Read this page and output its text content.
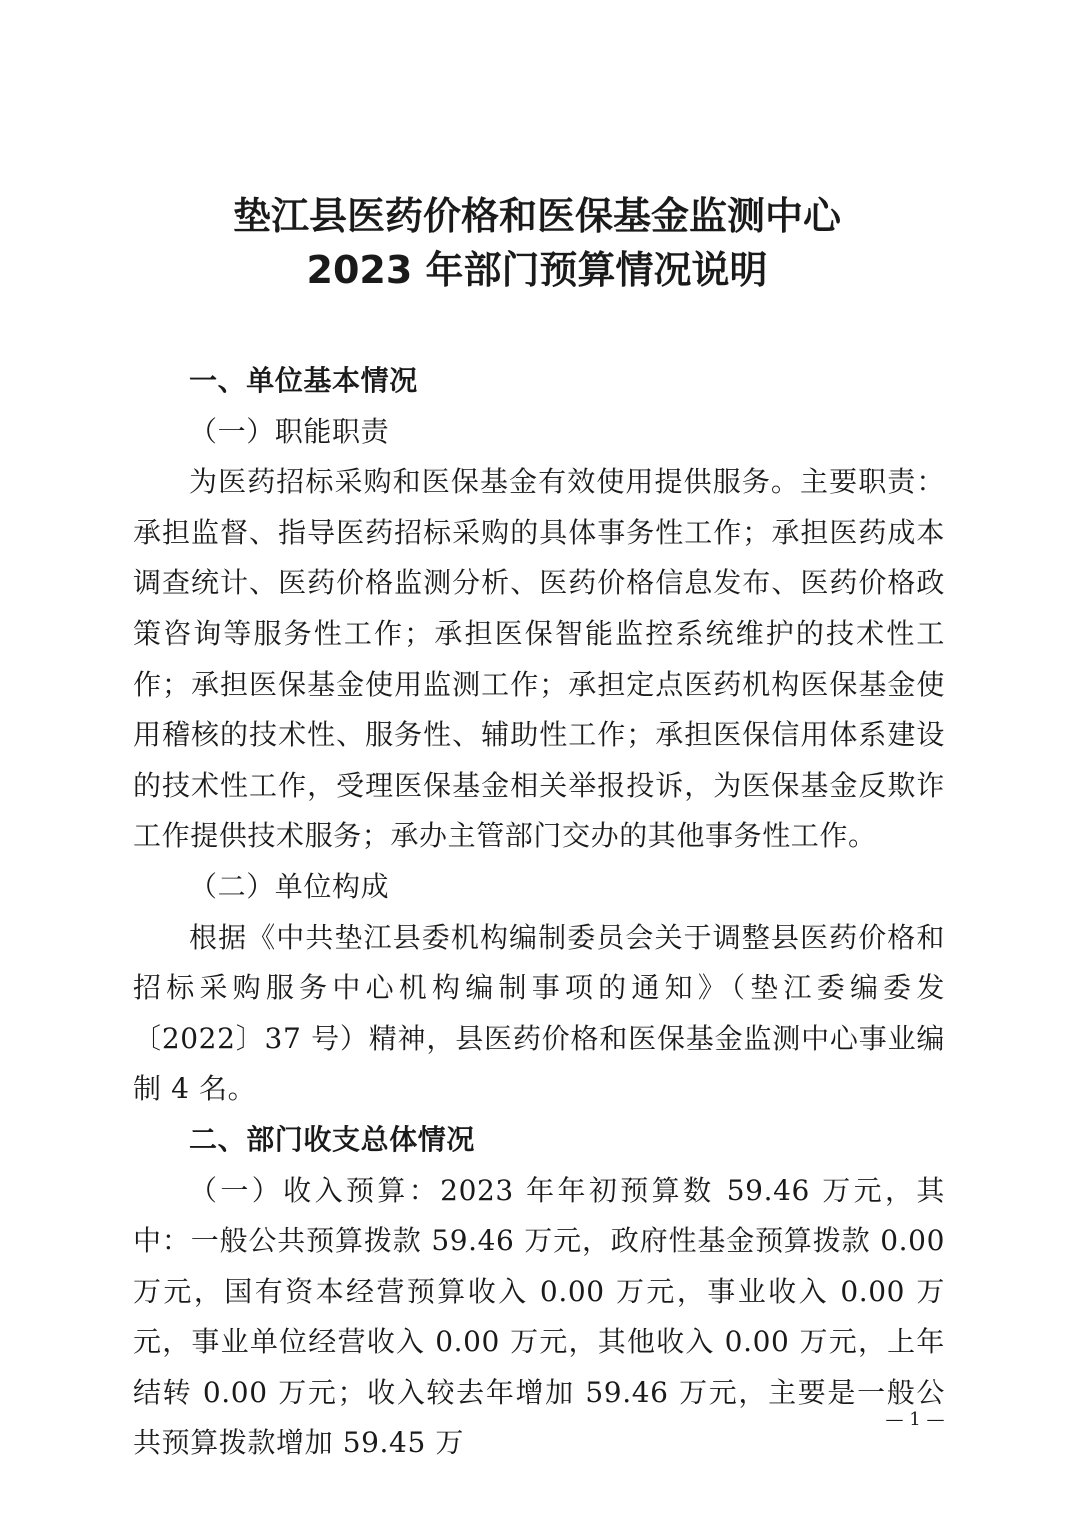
垫江县医药价格和医保基金监测中心
2023 年部门预算情况说明

一、单位基本情况

（一）职能职责

为医药招标采购和医保基金有效使用提供服务。主要职责：承担监督、指导医药招标采购的具体事务性工作；承担医药成本调查统计、医药价格监测分析、医药价格信息发布、医药价格政策咨询等服务性工作；承担医保智能监控系统维护的技术性工作；承担医保基金使用监测工作；承担定点医药机构医保基金使用稽核的技术性、服务性、辅助性工作；承担医保信用体系建设的技术性工作，受理医保基金相关举报投诉，为医保基金反欺诈工作提供技术服务；承办主管部门交办的其他事务性工作。

（二）单位构成

根据《中共垫江县委机构编制委员会关于调整县医药价格和招标采购服务中心机构编制事项的通知》（垫江委编委发〔2022〕37 号）精神，县医药价格和医保基金监测中心事业编制 4 名。

二、部门收支总体情况

（一）收入预算：2023 年年初预算数 59.46 万元，其中：一般公共预算拨款 59.46 万元，政府性基金预算拨款 0.00 万元，国有资本经营预算收入 0.00 万元，事业收入 0.00 万元，事业单位经营收入 0.00 万元，其他收入 0.00 万元，上年结转 0.00 万元；收入较去年增加 59.46 万元，主要是一般公共预算拨款增加 59.45 万

— 1 —
